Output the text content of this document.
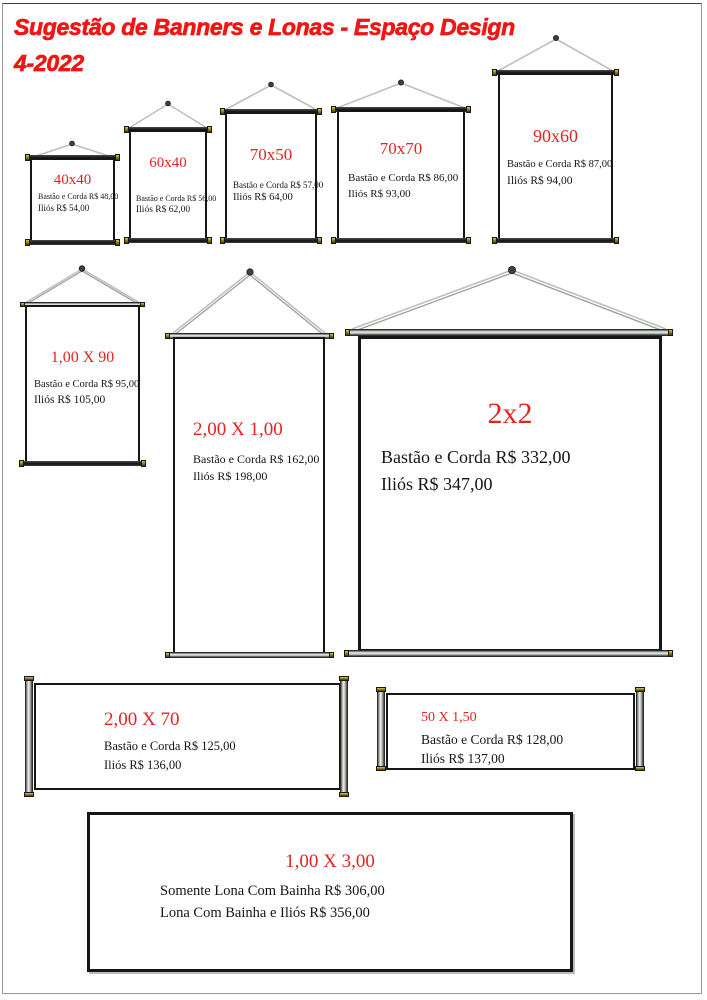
Sugestão de Banners e Lonas - Espaço Design
4-2022
40x40
Bastão e Corda R$ 48,00
Iliós R$ 54,00
60x40
Bastão e Corda R$ 56,00
Iliós R$ 62,00
70x50
Bastão e Corda R$ 57,00
Iliós R$ 64,00
70x70
Bastão e Corda R$ 86,00
Iliós R$ 93,00
90x60
Bastão e Corda R$ 87,00
Iliós R$ 94,00
1,00 X 90
Bastão e Corda R$ 95,00
Iliós R$ 105,00
2,00 X 1,00
Bastão e Corda R$ 162,00
Iliós R$ 198,00
2x2
Bastão e Corda R$ 332,00
Iliós R$ 347,00
2,00 X 70
Bastão e Corda R$ 125,00
Iliós R$ 136,00
50 X 1,50
Bastão e Corda R$ 128,00
Iliós R$ 137,00
1,00 X 3,00
Somente Lona Com Bainha R$ 306,00
Lona Com Bainha e Iliós R$ 356,00
